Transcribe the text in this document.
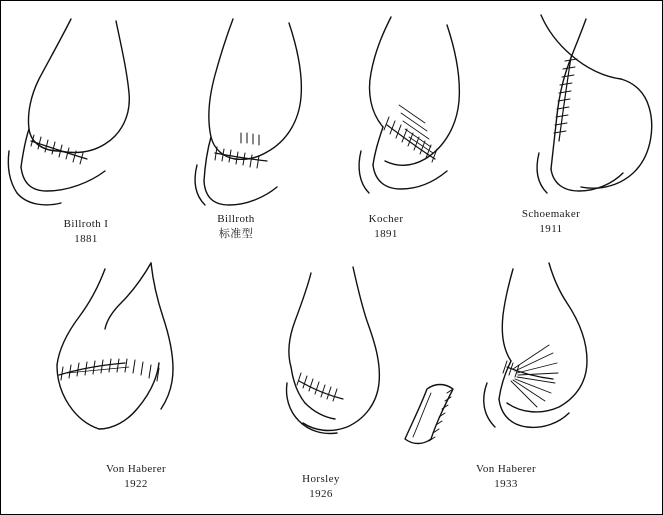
Billroth I
1881
Billroth
标准型
Kocher
1891
Schoemaker
1911
Von Haberer
1922	Horsley
1926
Von Haberer
1933
